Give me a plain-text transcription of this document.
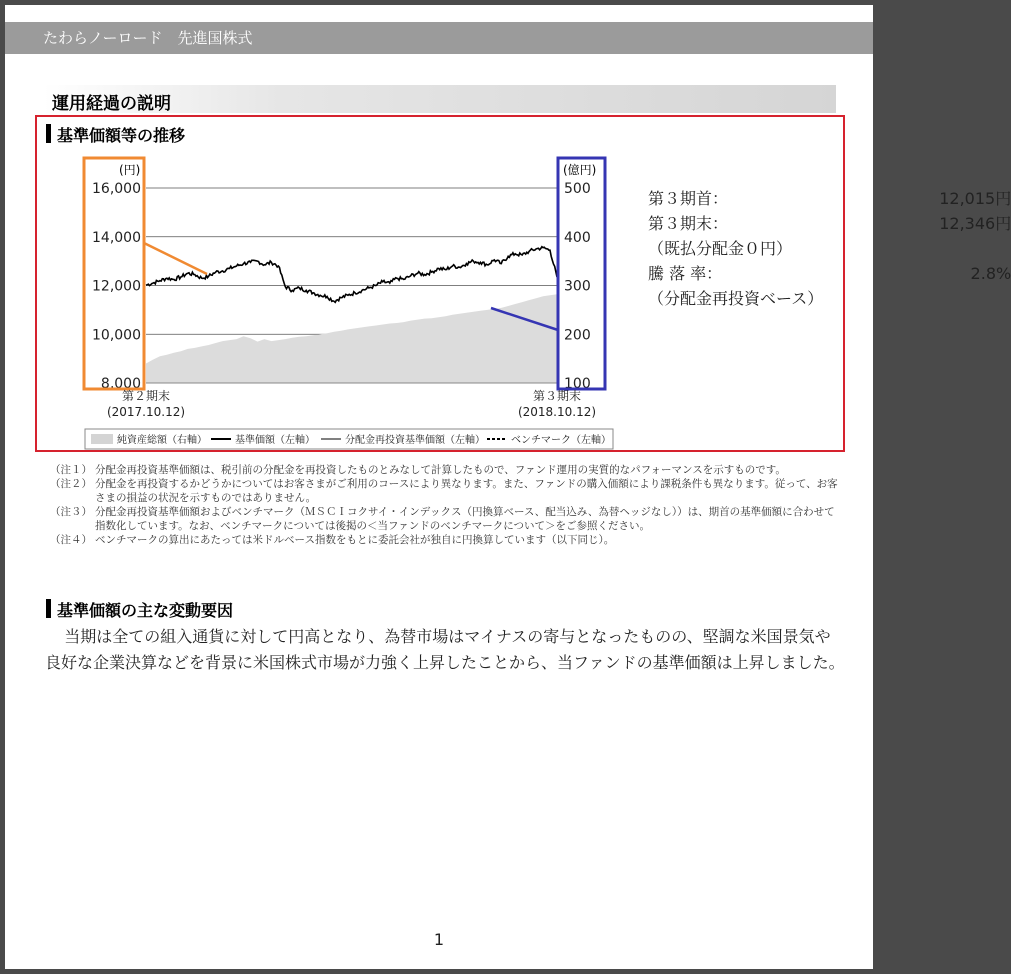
たわらノーロード　先進国株式
運用経過の説明
基準価額等の推移
(円)	(億円)
16,000
14,000
12,000
10,000
8,000
500
400
300
200
100
第２期末
(2017.10.12)
第３期末
(2018.10.12)
純資産総額（右軸）	基準価額（左軸）	分配金再投資基準価額（左軸）	ベンチマーク（左軸）
第３期首：	12,015円
第３期末：	12,346円
（既払分配金０円）
騰 落 率：	2.8%
（分配金再投資ベース）
（注１） 分配金再投資基準価額は、税引前の分配金を再投資したものとみなして計算したもので、ファンド運用の実質的なパフォーマンスを示すものです。
（注２） 分配金を再投資するかどうかについてはお客さまがご利用のコースにより異なります。また、ファンドの購入価額により課税条件も異なります。従って、お客さまの損益の状況を示すものではありません。
（注３） 分配金再投資基準価額およびベンチマーク（ＭＳＣＩコクサイ・インデックス（円換算ベース、配当込み、為替ヘッジなし））は、期首の基準価額に合わせて指数化しています。なお、ベンチマークについては後掲の＜当ファンドのベンチマークについて＞をご参照ください。
（注４） ベンチマークの算出にあたっては米ドルベース指数をもとに委託会社が独自に円換算しています（以下同じ）。
基準価額の主な変動要因
当期は全ての組入通貨に対して円高となり、為替市場はマイナスの寄与となったものの、堅調な米国景気や良好な企業決算などを背景に米国株式市場が力強く上昇したことから、当ファンドの基準価額は上昇しました。
1
